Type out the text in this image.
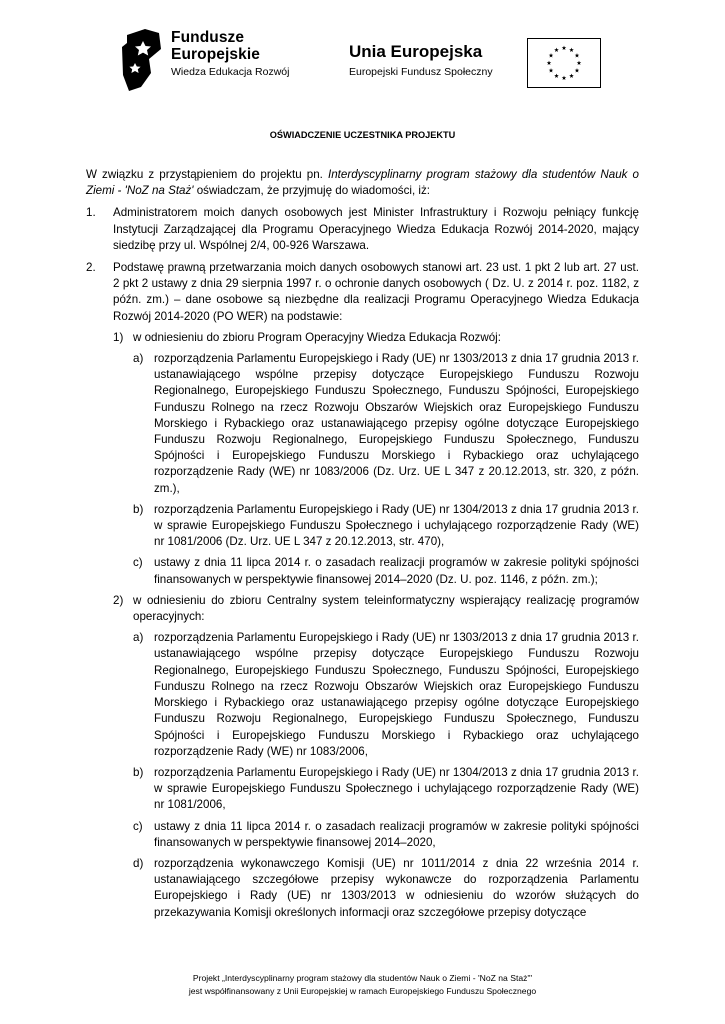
Fundusze
Europejskie
Wiedza Edukacja Rozwój
Unia Europejska
Europejski Fundusz Społeczny
OŚWIADCZENIE UCZESTNIKA PROJEKTU

W związku z przystąpieniem do projektu pn. Interdyscyplinarny program stażowy dla studentów Nauk o Ziemi - 'NoZ na Staż' oświadczam, że przyjmuję do wiadomości, iż:

1.	Administratorem moich danych osobowych jest Minister Infrastruktury i Rozwoju pełniący funkcję Instytucji Zarządzającej dla Programu Operacyjnego Wiedza Edukacja Rozwój 2014-2020, mający siedzibę przy ul. Wspólnej 2/4, 00-926 Warszawa.
2.	Podstawę prawną przetwarzania moich danych osobowych stanowi art. 23 ust. 1 pkt 2 lub art. 27 ust. 2 pkt 2 ustawy z dnia 29 sierpnia 1997 r. o ochronie danych osobowych ( Dz. U. z 2014 r. poz. 1182, z późn. zm.) – dane osobowe są niezbędne dla realizacji Programu Operacyjnego Wiedza Edukacja Rozwój 2014-2020 (PO WER) na podstawie:
1) w odniesieniu do zbioru Program Operacyjny Wiedza Edukacja Rozwój:
a) rozporządzenia Parlamentu Europejskiego i Rady (UE) nr 1303/2013 z dnia 17 grudnia 2013 r. ustanawiającego wspólne przepisy dotyczące Europejskiego Funduszu Rozwoju Regionalnego, Europejskiego Funduszu Społecznego, Funduszu Spójności, Europejskiego Funduszu Rolnego na rzecz Rozwoju Obszarów Wiejskich oraz Europejskiego Funduszu Morskiego i Rybackiego oraz ustanawiającego przepisy ogólne dotyczące Europejskiego Funduszu Rozwoju Regionalnego, Europejskiego Funduszu Społecznego, Funduszu Spójności i Europejskiego Funduszu Morskiego i Rybackiego oraz uchylającego rozporządzenie Rady (WE) nr 1083/2006 (Dz. Urz. UE L 347 z 20.12.2013, str. 320, z późn. zm.),
b) rozporządzenia Parlamentu Europejskiego i Rady (UE) nr 1304/2013 z dnia 17 grudnia 2013 r. w sprawie Europejskiego Funduszu Społecznego i uchylającego rozporządzenie Rady (WE) nr 1081/2006 (Dz. Urz. UE L 347 z 20.12.2013, str. 470),
c) ustawy z dnia 11 lipca 2014 r. o zasadach realizacji programów w zakresie polityki spójności finansowanych w perspektywie finansowej 2014–2020 (Dz. U. poz. 1146, z późn. zm.);
2) w odniesieniu do zbioru Centralny system teleinformatyczny wspierający realizację programów operacyjnych:
a) rozporządzenia Parlamentu Europejskiego i Rady (UE) nr 1303/2013 z dnia 17 grudnia 2013 r. ustanawiającego wspólne przepisy dotyczące Europejskiego Funduszu Rozwoju Regionalnego, Europejskiego Funduszu Społecznego, Funduszu Spójności, Europejskiego Funduszu Rolnego na rzecz Rozwoju Obszarów Wiejskich oraz Europejskiego Funduszu Morskiego i Rybackiego oraz ustanawiającego przepisy ogólne dotyczące Europejskiego Funduszu Rozwoju Regionalnego, Europejskiego Funduszu Społecznego, Funduszu Spójności i Europejskiego Funduszu Morskiego i Rybackiego oraz uchylającego rozporządzenie Rady (WE) nr 1083/2006,
b) rozporządzenia Parlamentu Europejskiego i Rady (UE) nr 1304/2013 z dnia 17 grudnia 2013 r. w sprawie Europejskiego Funduszu Społecznego i uchylającego rozporządzenie Rady (WE) nr 1081/2006,
c) ustawy z dnia 11 lipca 2014 r. o zasadach realizacji programów w zakresie polityki spójności finansowanych w perspektywie finansowej 2014–2020,
d) rozporządzenia wykonawczego Komisji (UE) nr 1011/2014 z dnia 22 września 2014 r. ustanawiającego szczegółowe przepisy wykonawcze do rozporządzenia Parlamentu Europejskiego i Rady (UE) nr 1303/2013 w odniesieniu do wzorów służących do przekazywania Komisji określonych informacji oraz szczegółowe przepisy dotyczące
Projekt „Interdyscyplinarny program stażowy dla studentów Nauk o Ziemi - 'NoZ na Staż'"
jest współfinansowany z Unii Europejskiej w ramach Europejskiego Funduszu Społecznego
